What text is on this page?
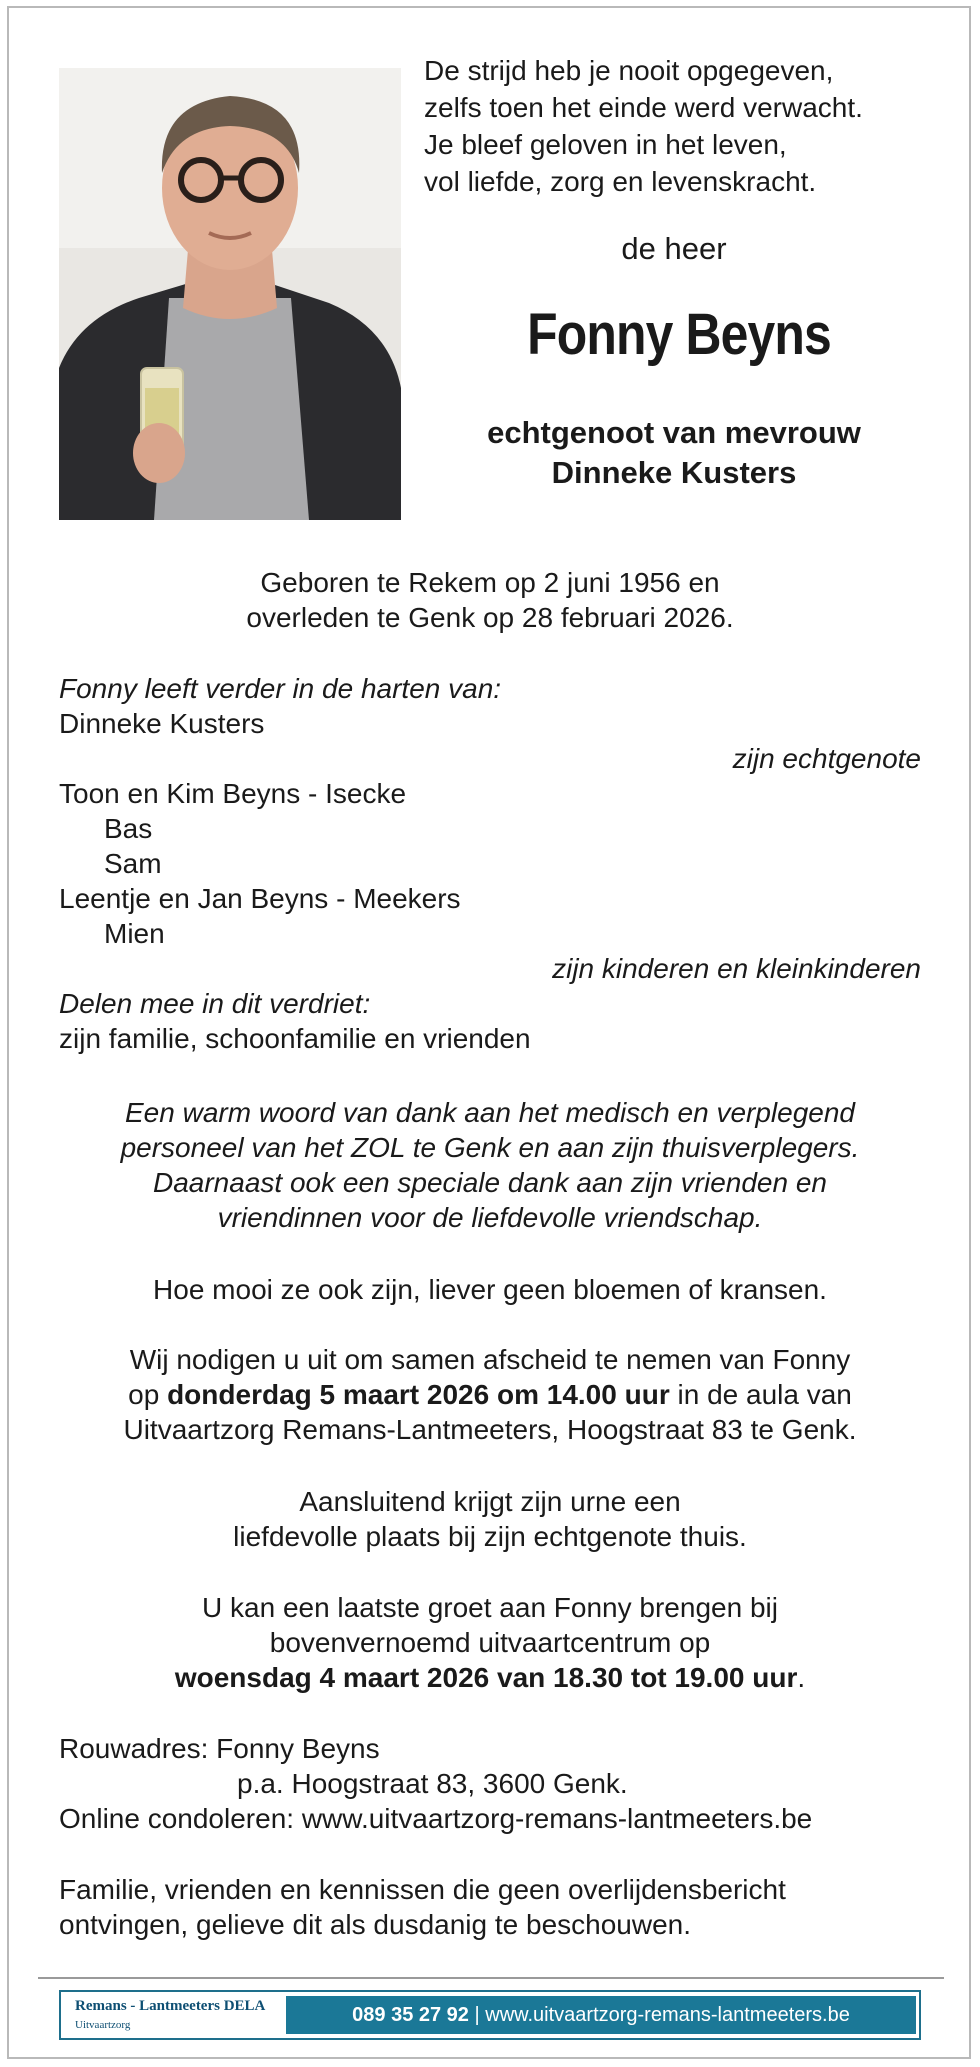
De strijd heb je nooit opgegeven,
zelfs toen het einde werd verwacht.
Je bleef geloven in het leven,
vol liefde, zorg en levenskracht.
de heer
Fonny Beyns
echtgenoot van mevrouw
Dinneke Kusters
Geboren te Rekem op 2 juni 1956 en
overleden te Genk op 28 februari 2026.
Fonny leeft verder in de harten van:
Dinneke Kusters
zijn echtgenote
Toon en Kim Beyns - Isecke
Bas
Sam
Leentje en Jan Beyns - Meekers
Mien
zijn kinderen en kleinkinderen
Delen mee in dit verdriet:
zijn familie, schoonfamilie en vrienden
Een warm woord van dank aan het medisch en verplegend
personeel van het ZOL te Genk en aan zijn thuisverplegers.
Daarnaast ook een speciale dank aan zijn vrienden en
vriendinnen voor de liefdevolle vriendschap.
Hoe mooi ze ook zijn, liever geen bloemen of kransen.
Wij nodigen u uit om samen afscheid te nemen van Fonny
op donderdag 5 maart 2026 om 14.00 uur in de aula van
Uitvaartzorg Remans-Lantmeeters, Hoogstraat 83 te Genk.
Aansluitend krijgt zijn urne een
liefdevolle plaats bij zijn echtgenote thuis.
U kan een laatste groet aan Fonny brengen bij
bovenvernoemd uitvaartcentrum op
woensdag 4 maart 2026 van 18.30 tot 19.00 uur.
Rouwadres: Fonny Beyns
p.a. Hoogstraat 83, 3600 Genk.
Online condoleren: www.uitvaartzorg-remans-lantmeeters.be
Familie, vrienden en kennissen die geen overlijdensbericht
ontvingen, gelieve dit als dusdanig te beschouwen.
Remans - Lantmeeters DELA
Uitvaartzorg	089 35 27 92 | www.uitvaartzorg-remans-lantmeeters.be
